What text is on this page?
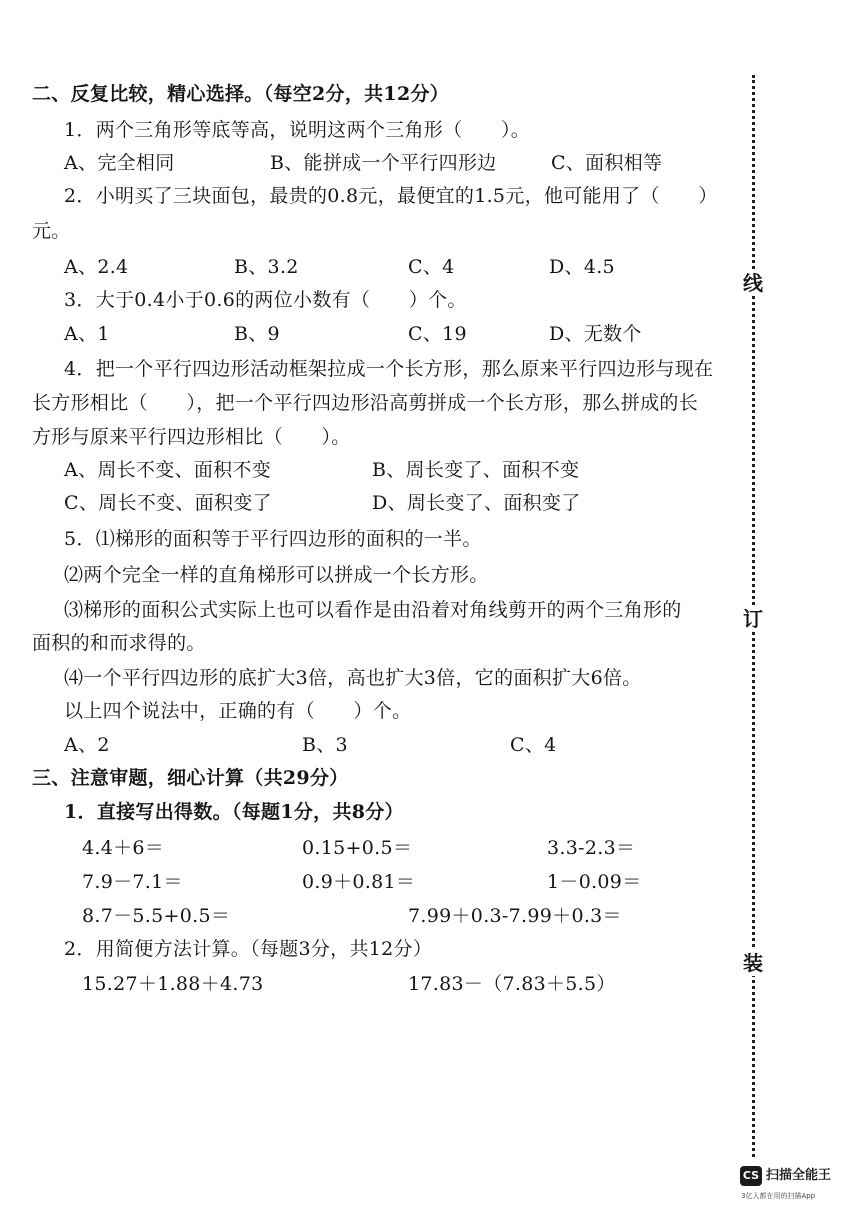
二、反复比较，精心选择。（每空2分，共12分）
1．两个三角形等底等高，说明这两个三角形（　　）。
A、完全相同	B、能拼成一个平行四形边	C、面积相等
2．小明买了三块面包，最贵的0.8元，最便宜的1.5元，他可能用了（　　）
元。
A、2.4	B、3.2	C、4	D、4.5
3．大于0.4小于0.6的两位小数有（　　）个。
A、1	B、9	C、19	D、无数个
4．把一个平行四边形活动框架拉成一个长方形，那么原来平行四边形与现在
长方形相比（　　），把一个平行四边形沿高剪拼成一个长方形，那么拼成的长
方形与原来平行四边形相比（　　）。
A、周长不变、面积不变	B、周长变了、面积不变
C、周长不变、面积变了	D、周长变了、面积变了
5．⑴梯形的面积等于平行四边形的面积的一半。
⑵两个完全一样的直角梯形可以拼成一个长方形。
⑶梯形的面积公式实际上也可以看作是由沿着对角线剪开的两个三角形的
面积的和而求得的。
⑷一个平行四边形的底扩大3倍，高也扩大3倍，它的面积扩大6倍。
以上四个说法中，正确的有（　　）个。
A、2	B、3	C、4
三、注意审题，细心计算（共29分）
1．直接写出得数。（每题1分，共8分）
4.4＋6＝	0.15+0.5＝	3.3-2.3＝
7.9－7.1＝	0.9＋0.81＝	1－0.09＝
8.7－5.5+0.5＝	7.99＋0.3-7.99＋0.3＝
2．用简便方法计算。（每题3分，共12分）
15.27＋1.88＋4.73	17.83－（7.83＋5.5）
线
订
装
CS 扫描全能王
3亿人都在用的扫描App
